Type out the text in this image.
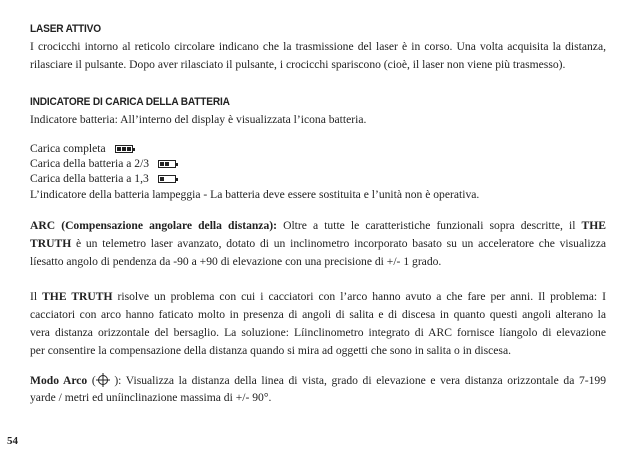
LASER ATTIVO
I crocicchi intorno al reticolo circolare indicano che la trasmissione del laser è in corso. Una volta acquisita la distanza,
rilasciare il pulsante. Dopo aver rilasciato il pulsante, i crocicchi spariscono (cioè, il laser non viene più trasmesso).
INDICATORE DI CARICA DELLA BATTERIA
Indicatore batteria: All’interno del display è visualizzata l’icona batteria.
Carica completa
Carica della batteria a 2/3
Carica della batteria a 1,3
L’indicatore della batteria lampeggia - La batteria deve essere sostituita e l’unità non è operativa.
ARC (Compensazione angolare della distanza): Oltre a tutte le caratteristiche funzionali sopra descritte, il THE
TRUTH è un telemetro laser avanzato, dotato di un inclinometro incorporato basato su un acceleratore che visualizza
líesatto angolo di pendenza da -90 a +90 di elevazione con una precisione di +/- 1 grado.
Il THE TRUTH risolve un problema con cui i cacciatori con l’arco hanno avuto a che fare per anni. Il problema: I
cacciatori con arco hanno faticato molto in presenza di angoli di salita e di discesa in quanto questi angoli alterano la
vera distanza orizzontale del bersaglio. La soluzione: Líinclinometro integrato di ARC fornisce líangolo di elevazione
per consentire la compensazione della distanza quando si mira ad oggetti che sono in salita o in discesa.
Modo Arco ( ): Visualizza la distanza della linea di vista, grado di elevazione e vera distanza orizzontale da 7-199
yarde / metri ed uníinclinazione massima di +/- 90°.
54
